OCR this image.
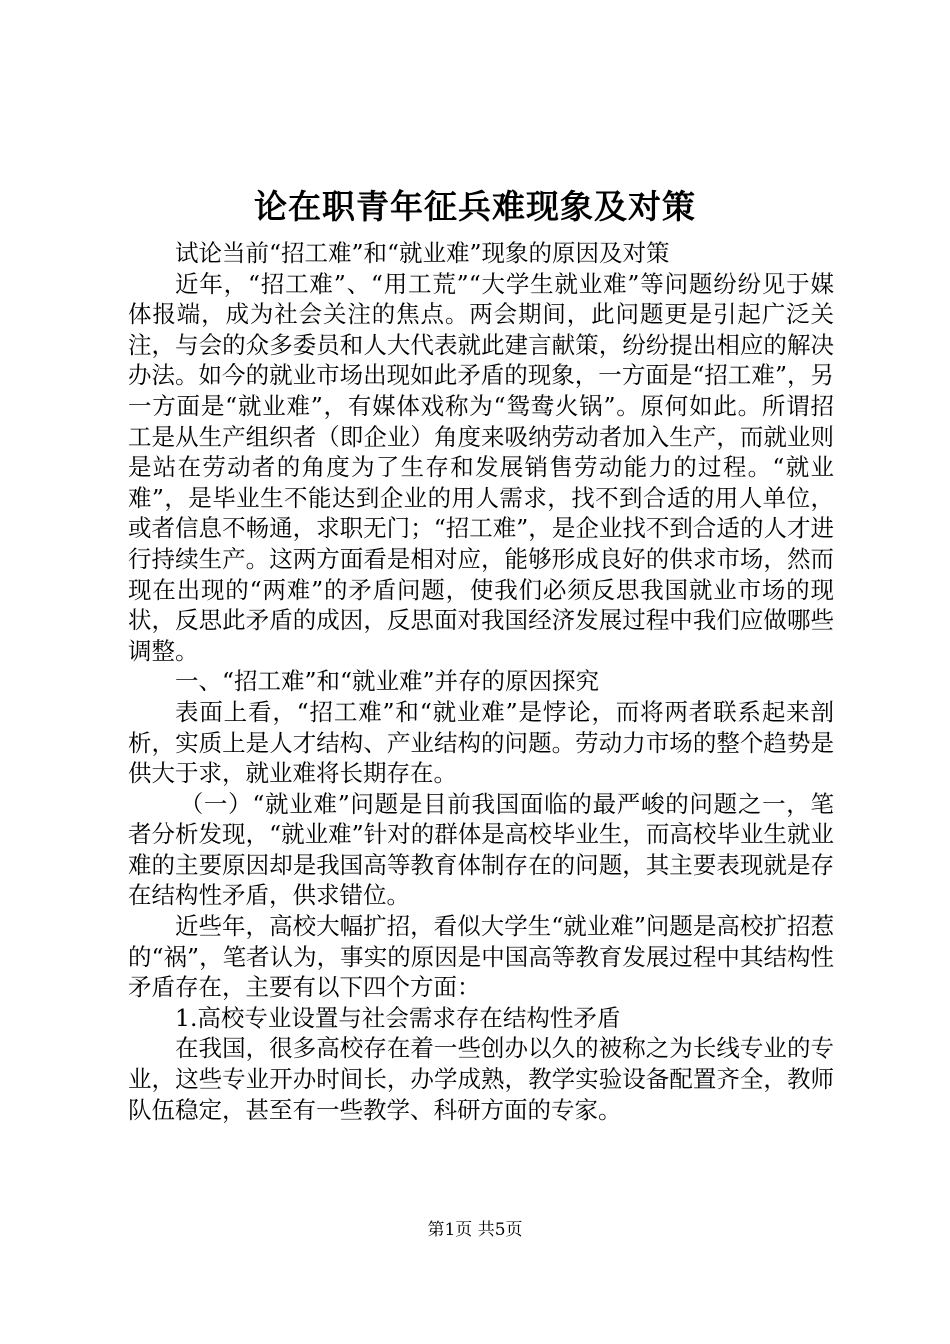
论在职青年征兵难现象及对策

试论当前“招工难”和“就业难”现象的原因及对策

近年，“招工难”、“用工荒”“大学生就业难”等问题纷纷见于媒体报端，成为社会关注的焦点。两会期间，此问题更是引起广泛关注，与会的众多委员和人大代表就此建言献策，纷纷提出相应的解决办法。如今的就业市场出现如此矛盾的现象，一方面是“招工难”，另一方面是“就业难”，有媒体戏称为“鸳鸯火锅”。原何如此。所谓招工是从生产组织者（即企业）角度来吸纳劳动者加入生产，而就业则是站在劳动者的角度为了生存和发展销售劳动能力的过程。“就业难”，是毕业生不能达到企业的用人需求，找不到合适的用人单位，或者信息不畅通，求职无门；“招工难”，是企业找不到合适的人才进行持续生产。这两方面看是相对应，能够形成良好的供求市场，然而现在出现的“两难”的矛盾问题，使我们必须反思我国就业市场的现状，反思此矛盾的成因，反思面对我国经济发展过程中我们应做哪些调整。

一、“招工难”和“就业难”并存的原因探究

表面上看，“招工难”和“就业难”是悖论，而将两者联系起来剖析，实质上是人才结构、产业结构的问题。劳动力市场的整个趋势是供大于求，就业难将长期存在。

（一）“就业难”问题是目前我国面临的最严峻的问题之一，笔者分析发现，“就业难”针对的群体是高校毕业生，而高校毕业生就业难的主要原因却是我国高等教育体制存在的问题，其主要表现就是存在结构性矛盾，供求错位。

近些年，高校大幅扩招，看似大学生“就业难”问题是高校扩招惹的“祸”，笔者认为，事实的原因是中国高等教育发展过程中其结构性矛盾存在，主要有以下四个方面：

1.高校专业设置与社会需求存在结构性矛盾

在我国，很多高校存在着一些创办以久的被称之为长线专业的专业，这些专业开办时间长，办学成熟，教学实验设备配置齐全，教师队伍稳定，甚至有一些教学、科研方面的专家。

第1页 共5页
